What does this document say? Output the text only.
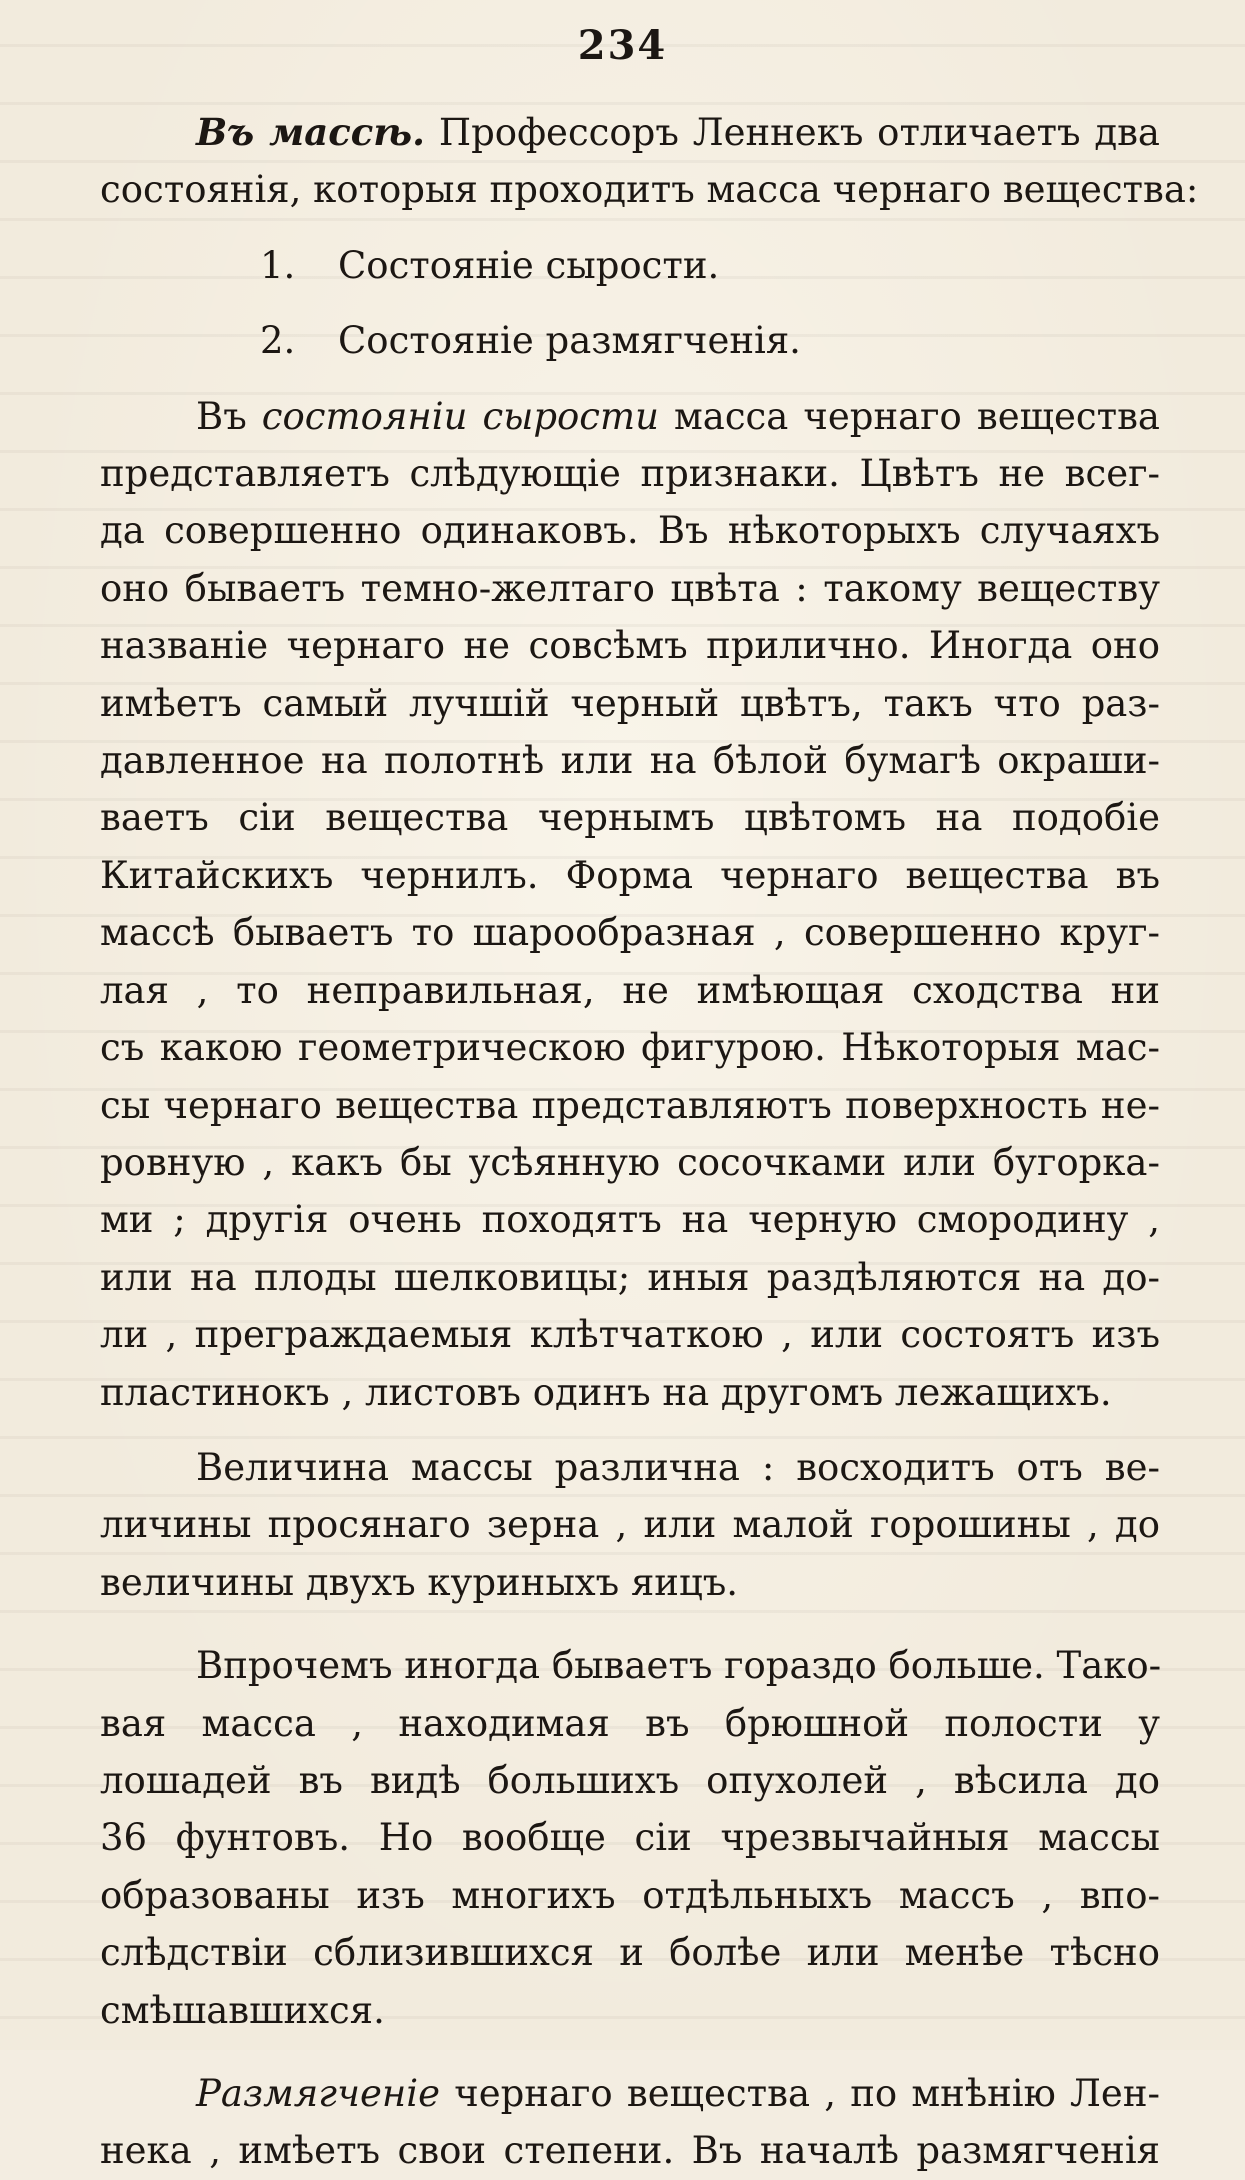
234

Въ массѣ. Профессоръ Леннекъ отличаетъ два
состоянія, которыя проходитъ масса чернаго вещества:

1. Состояніе сырости.
2. Состояніе размягченія.

Въ состояніи сырости масса чернаго вещества
представляетъ слѣдующіе признаки. Цвѣтъ не всег-
да совершенно одинаковъ. Въ нѣкоторыхъ случаяхъ
оно бываетъ темно-желтаго цвѣта : такому веществу
названіе чернаго не совсѣмъ прилично. Иногда оно
имѣетъ самый лучшій черный цвѣтъ, такъ что раз-
давленное на полотнѣ или на бѣлой бумагѣ окраши-
ваетъ сіи вещества чернымъ цвѣтомъ на подобіе
Китайскихъ чернилъ. Форма чернаго вещества въ
массѣ бываетъ то шарообразная , совершенно круг-
лая , то неправильная, не имѣющая сходства ни
съ какою геометрическою фигурою. Нѣкоторыя мас-
сы чернаго вещества представляютъ поверхность не-
ровную , какъ бы усѣянную сосочками или бугорка-
ми ; другія очень походятъ на черную смородину ,
или на плоды шелковицы; иныя раздѣляются на до-
ли , преграждаемыя клѣтчаткою , или состоятъ изъ
пластинокъ , листовъ одинъ на другомъ лежащихъ.

Величина массы различна : восходитъ отъ ве-
личины просянаго зерна , или малой горошины , до
величины двухъ куриныхъ яицъ.

Впрочемъ иногда бываетъ гораздо больше. Тако-
вая масса , находимая въ брюшной полости у
лошадей въ видѣ большихъ опухолей , вѣсила до
36 фунтовъ. Но вообще сіи чрезвычайныя массы
образованы изъ многихъ отдѣльныхъ массъ , впо-
слѣдствіи сблизившихся и болѣе или менѣе тѣсно
смѣшавшихся.

Размягченіе чернаго вещества , по мнѣнію Лен-
нека , имѣетъ свои степени. Въ началѣ размягченія
